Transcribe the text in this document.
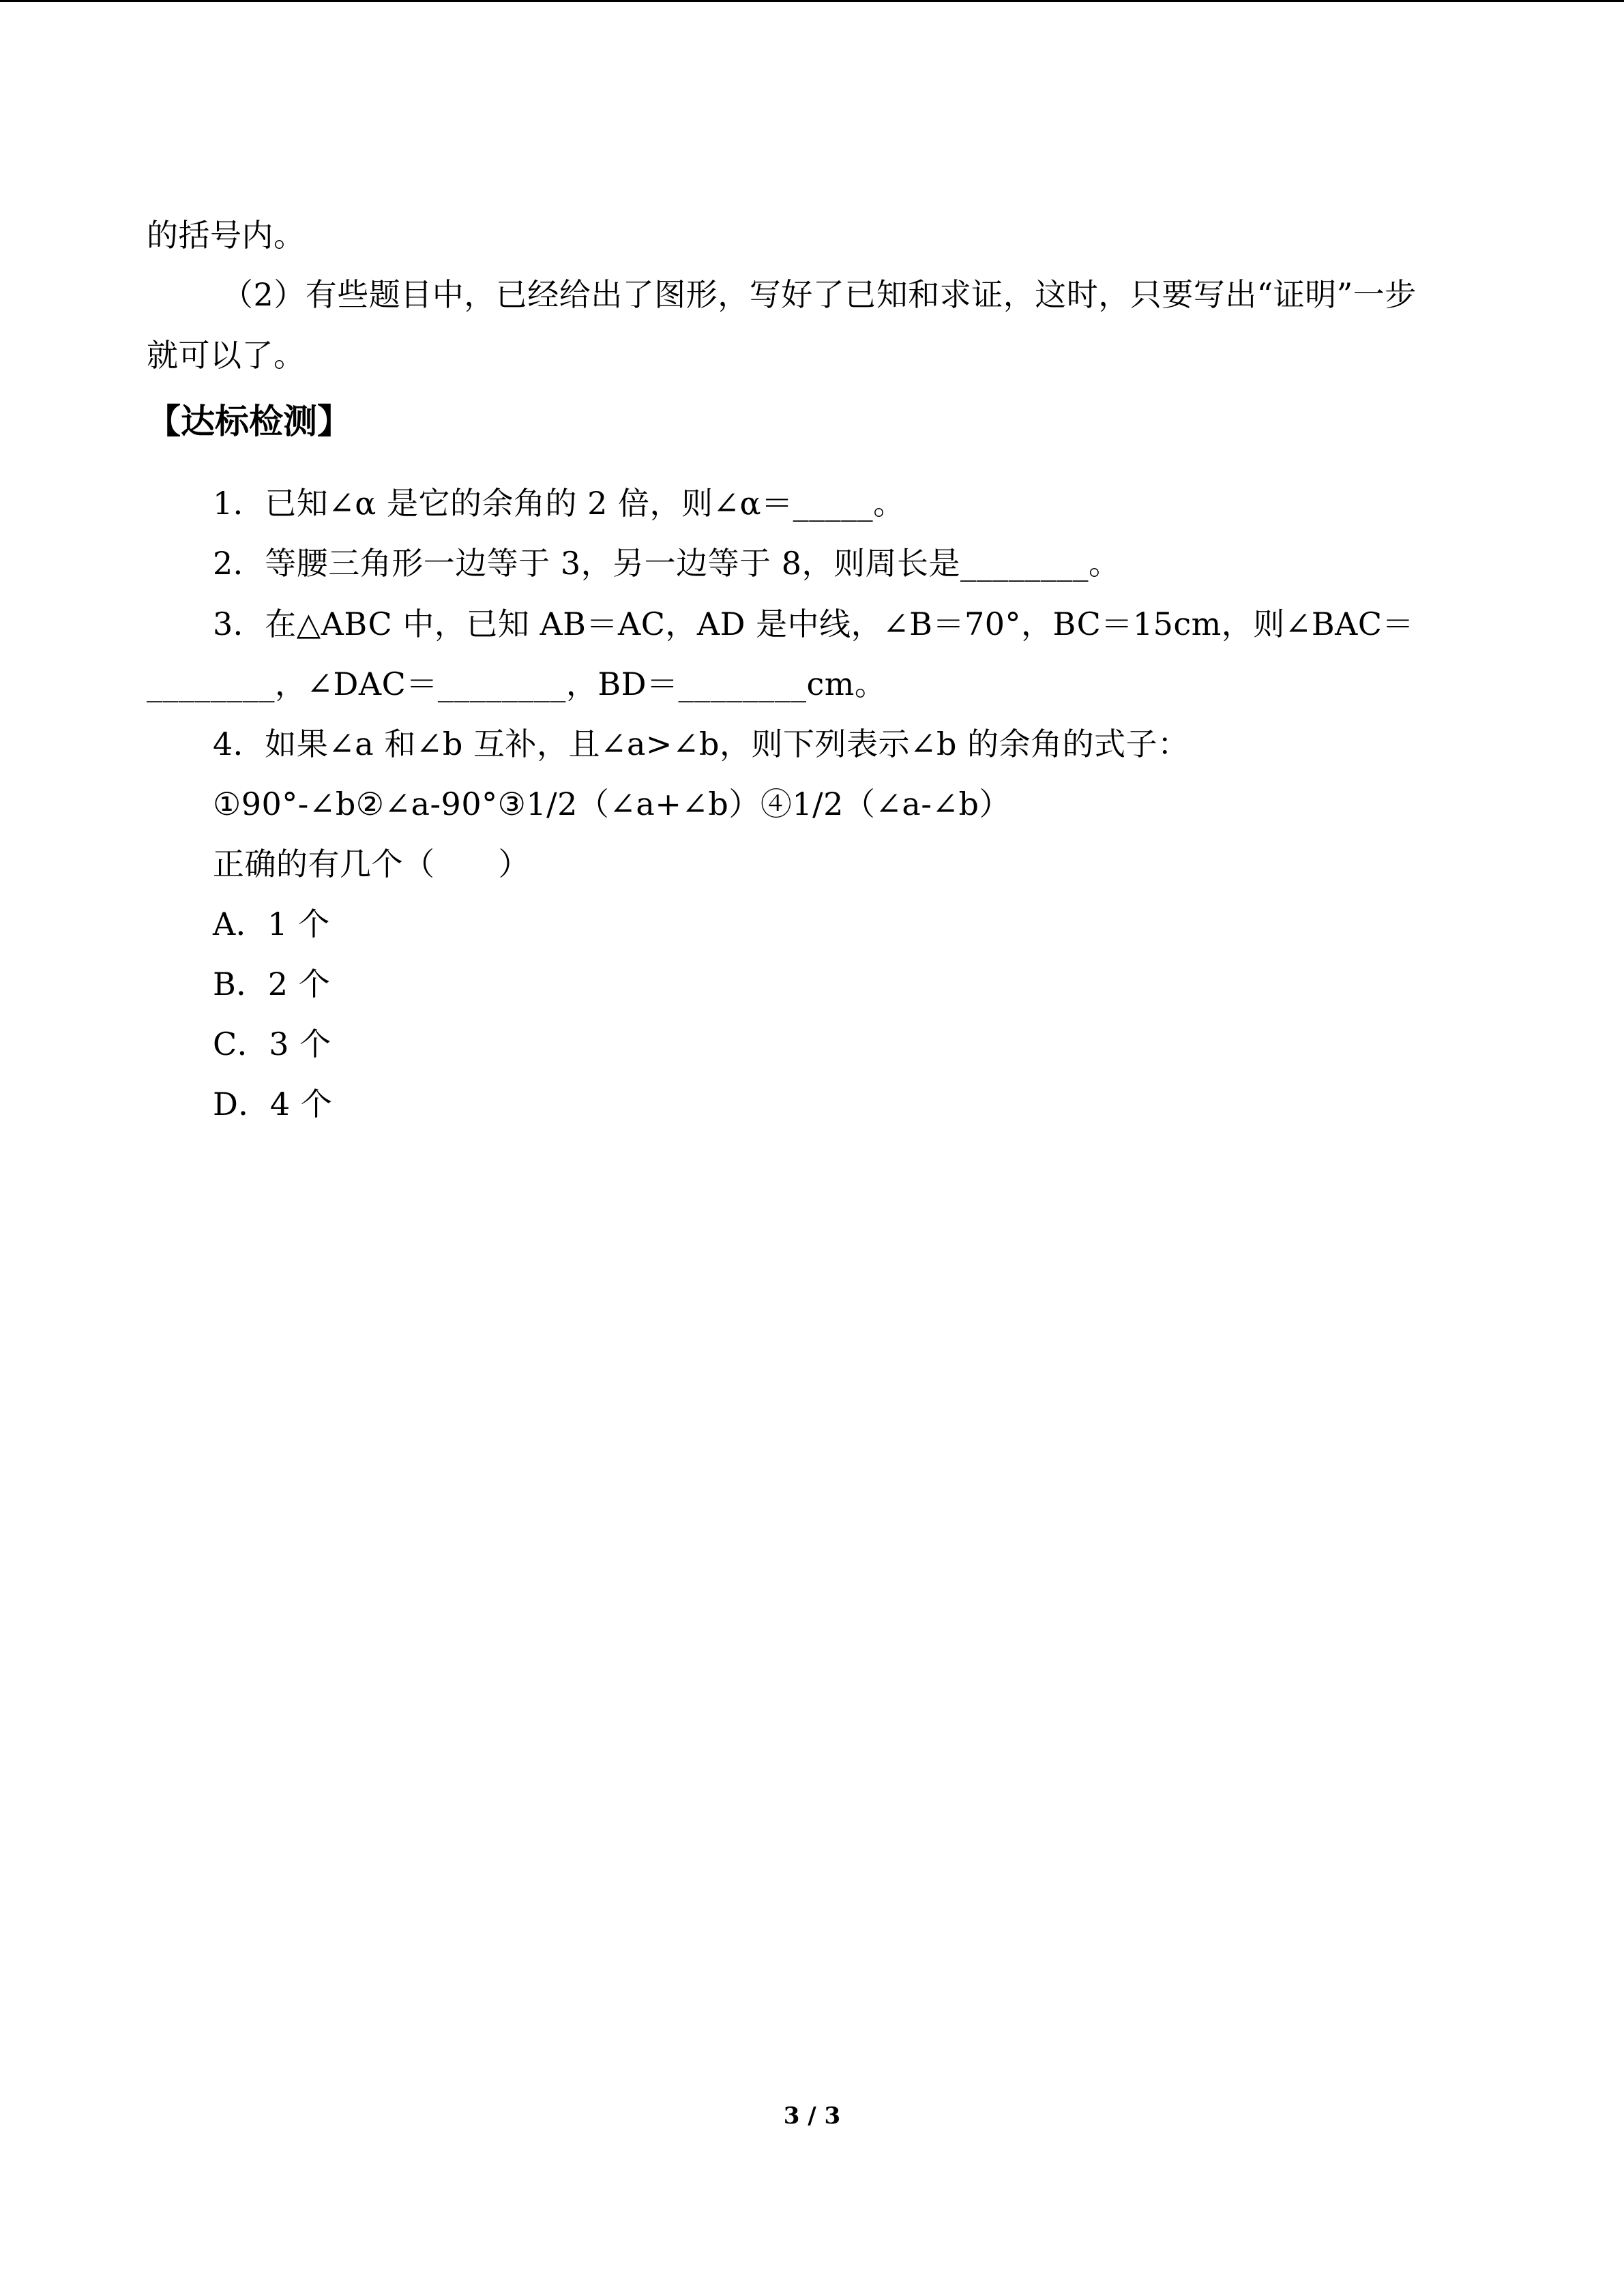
的括号内。
（2）有些题目中，已经给出了图形，写好了已知和求证，这时，只要写出“证明”一步
就可以了。
【达标检测】
1．已知∠α 是它的余角的 2 倍，则∠α＝_____。
2．等腰三角形一边等于 3，另一边等于 8，则周长是________。
3．在△ABC 中，已知 AB＝AC，AD 是中线，∠B＝70°，BC＝15cm，则∠BAC＝
________，∠DAC＝________，BD＝________cm。
4．如果∠a 和∠b 互补，且∠a>∠b，则下列表示∠b 的余角的式子：
①90°-∠b②∠a-90°③1/2（∠a+∠b）④1/2（∠a-∠b）
正确的有几个（　　）
A．1 个
B．2 个
C．3 个
D．4 个
3 / 3
